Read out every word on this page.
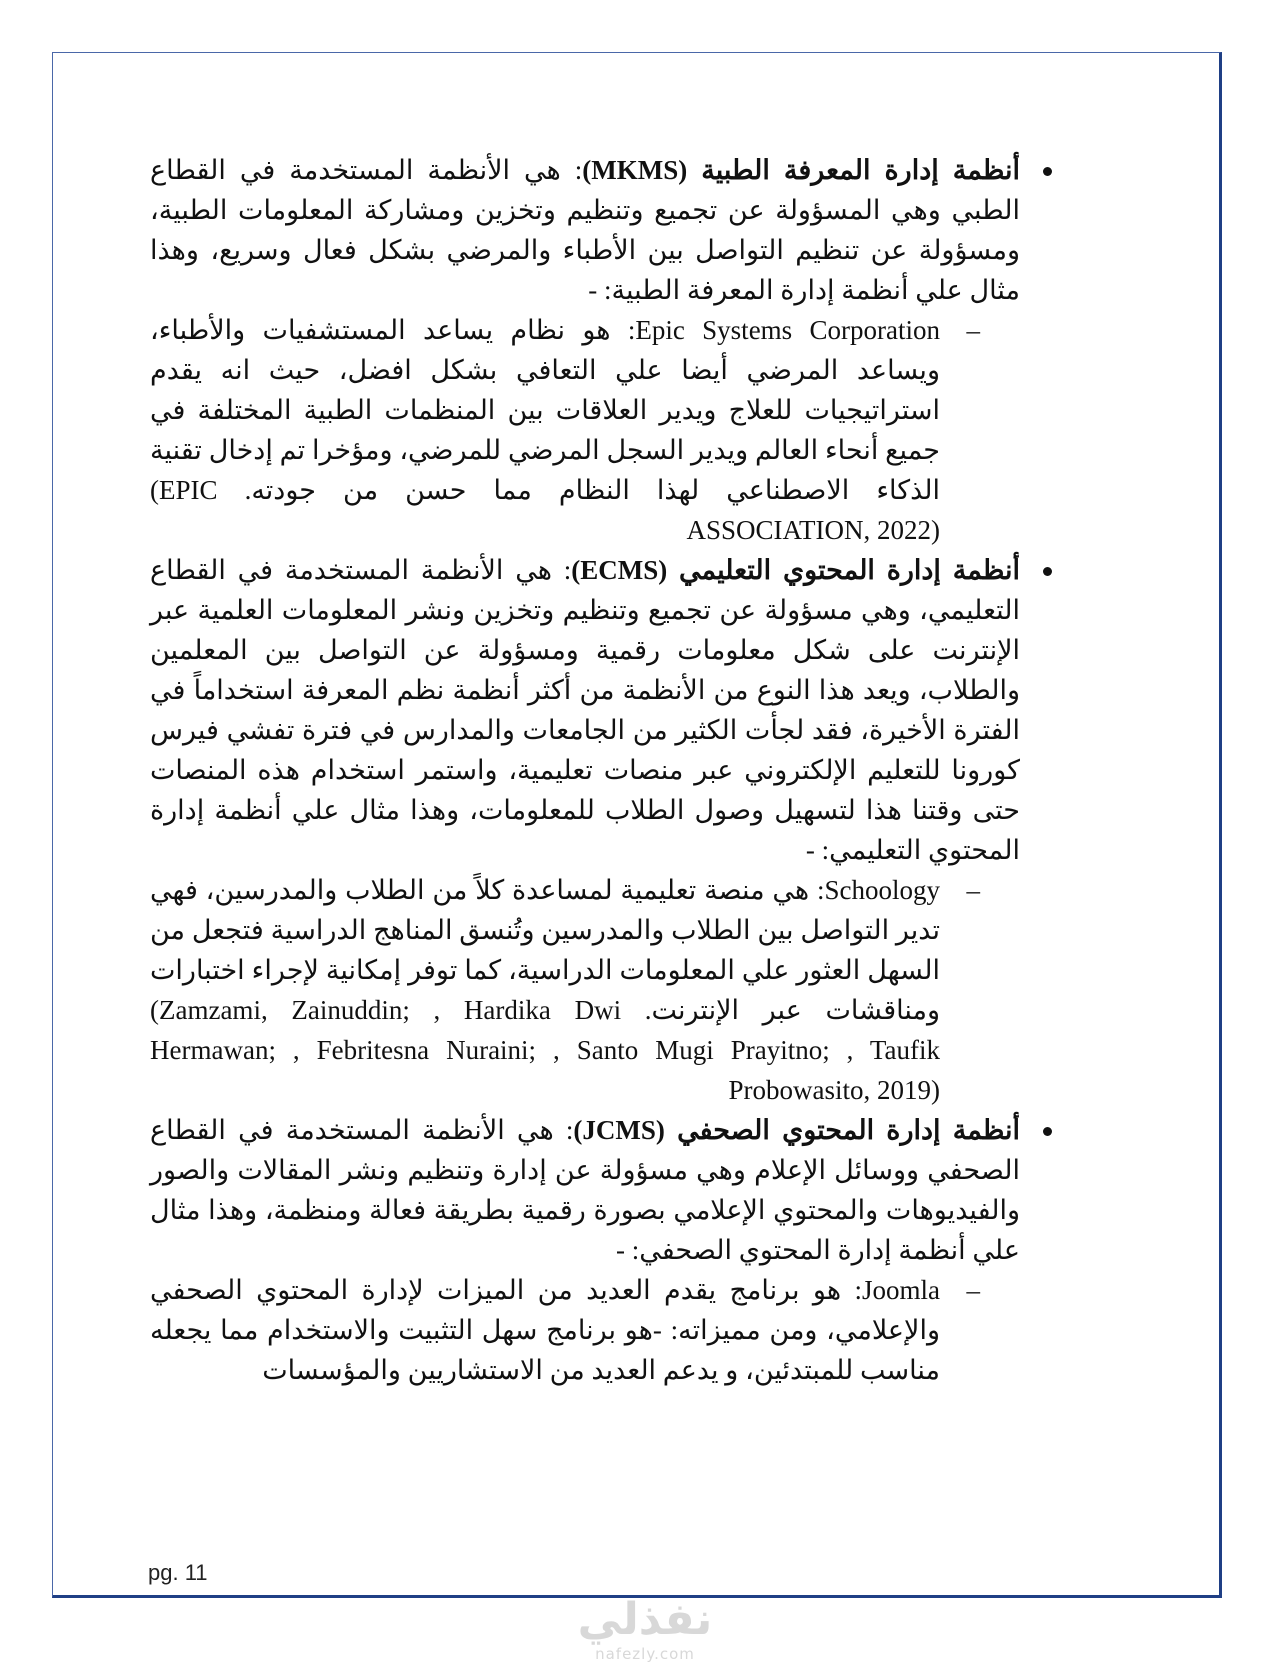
أنظمة إدارة المعرفة الطبية (MKMS): هي الأنظمة المستخدمة في القطاع الطبي وهي المسؤولة عن تجميع وتنظيم وتخزين ومشاركة المعلومات الطبية، ومسؤولة عن تنظيم التواصل بين الأطباء والمرضي بشكل فعال وسريع، وهذا مثال علي أنظمة إدارة المعرفة الطبية: -
–
Epic Systems Corporation: هو نظام يساعد المستشفيات والأطباء، ويساعد المرضي أيضا علي التعافي بشكل افضل، حيث انه يقدم استراتيجيات للعلاج ويدير العلاقات بين المنظمات الطبية المختلفة في جميع أنحاء العالم ويدير السجل المرضي للمرضي، ومؤخرا تم إدخال تقنية الذكاء الاصطناعي لهذا النظام مما حسن من جودته. (EPIC ASSOCIATION, 2022)
أنظمة إدارة المحتوي التعليمي (ECMS): هي الأنظمة المستخدمة في القطاع التعليمي، وهي مسؤولة عن تجميع وتنظيم وتخزين ونشر المعلومات العلمية عبر الإنترنت على شكل معلومات رقمية ومسؤولة عن التواصل بين المعلمين والطلاب، ويعد هذا النوع من الأنظمة من أكثر أنظمة نظم المعرفة استخداماً في الفترة الأخيرة، فقد لجأت الكثير من الجامعات والمدارس في فترة تفشي فيرس كورونا للتعليم الإلكتروني عبر منصات تعليمية، واستمر استخدام هذه المنصات حتى وقتنا هذا لتسهيل وصول الطلاب للمعلومات، وهذا مثال علي أنظمة إدارة المحتوي التعليمي: -
–
Schoology: هي منصة تعليمية لمساعدة كلاً من الطلاب والمدرسين، فهي تدير التواصل بين الطلاب والمدرسين وتُنسق المناهج الدراسية فتجعل من السهل العثور علي المعلومات الدراسية، كما توفر إمكانية لإجراء اختبارات ومناقشات عبر الإنترنت. (Zamzami, Zainuddin; , Hardika Dwi Hermawan; , Febritesna Nuraini; , Santo Mugi Prayitno; , Taufik Probowasito, 2019)
أنظمة إدارة المحتوي الصحفي (JCMS): هي الأنظمة المستخدمة في القطاع الصحفي ووسائل الإعلام وهي مسؤولة عن إدارة وتنظيم ونشر المقالات والصور والفيديوهات والمحتوي الإعلامي بصورة رقمية بطريقة فعالة ومنظمة، وهذا مثال علي أنظمة إدارة المحتوي الصحفي: -
–
Joomla: هو برنامج يقدم العديد من الميزات لإدارة المحتوي الصحفي والإعلامي، ومن مميزاته: -هو برنامج سهل التثبيت والاستخدام مما يجعله مناسب للمبتدئين، و يدعم العديد من الاستشاريين والمؤسسات
pg. 11
نفذلي
nafezly.com
